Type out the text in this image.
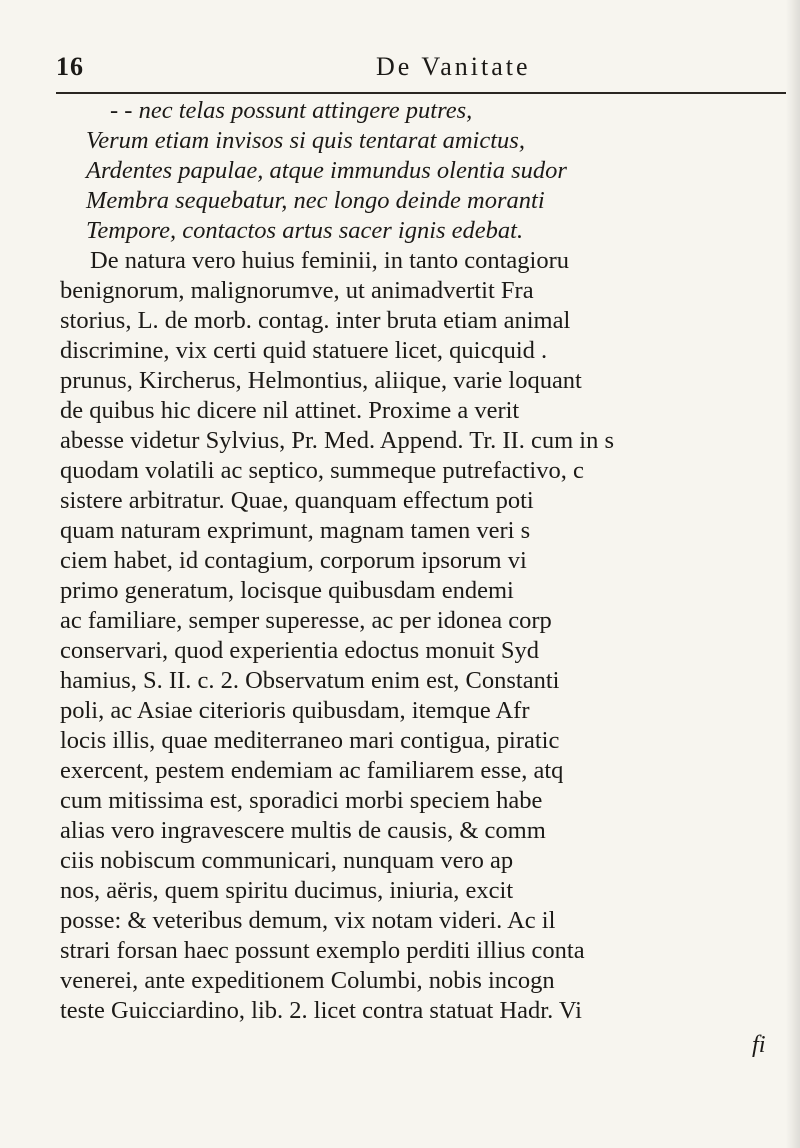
16	De Vanitate
- - nec telas possunt attingere putres,
Verum etiam invisos si quis tentarat amictus,
Ardentes papulae, atque immundus olentia sudor
Membra sequebatur, nec longo deinde moranti
Tempore, contactos artus sacer ignis edebat.
De natura vero huius feminii, in tanto contagioru
benignorum, malignorumve, ut animadvertit Fra
storius, L. de morb. contag. inter bruta etiam animal
discrimine, vix certi quid statuere licet, quicquid .
prunus, Kircherus, Helmontius, aliique, varie loquant
de quibus hic dicere nil attinet. Proxime a verit
abesse videtur Sylvius, Pr. Med. Append. Tr. II. cum in s
quodam volatili ac septico, summeque putrefactivo, c
sistere arbitratur. Quae, quanquam effectum poti
quam naturam exprimunt, magnam tamen veri s
ciem habet, id contagium, corporum ipsorum vi
primo generatum, locisque quibusdam endemi
ac familiare, semper superesse, ac per idonea corp
conservari, quod experientia edoctus monuit Syd
hamius, S. II. c. 2. Observatum enim est, Constanti
poli, ac Asiae citerioris quibusdam, itemque Afr
locis illis, quae mediterraneo mari contigua, piratic
exercent, pestem endemiam ac familiarem esse, atq
cum mitissima est, sporadici morbi speciem habe
alias vero ingravescere multis de causis, & comm
ciis nobiscum communicari, nunquam vero ap
nos, aëris, quem spiritu ducimus, iniuria, excit
posse: & veteribus demum, vix notam videri. Ac il
strari forsan haec possunt exemplo perditi illius conta
venerei, ante expeditionem Columbi, nobis incogn
teste Guicciardino, lib. 2. licet contra statuat Hadr. Vi
fi
